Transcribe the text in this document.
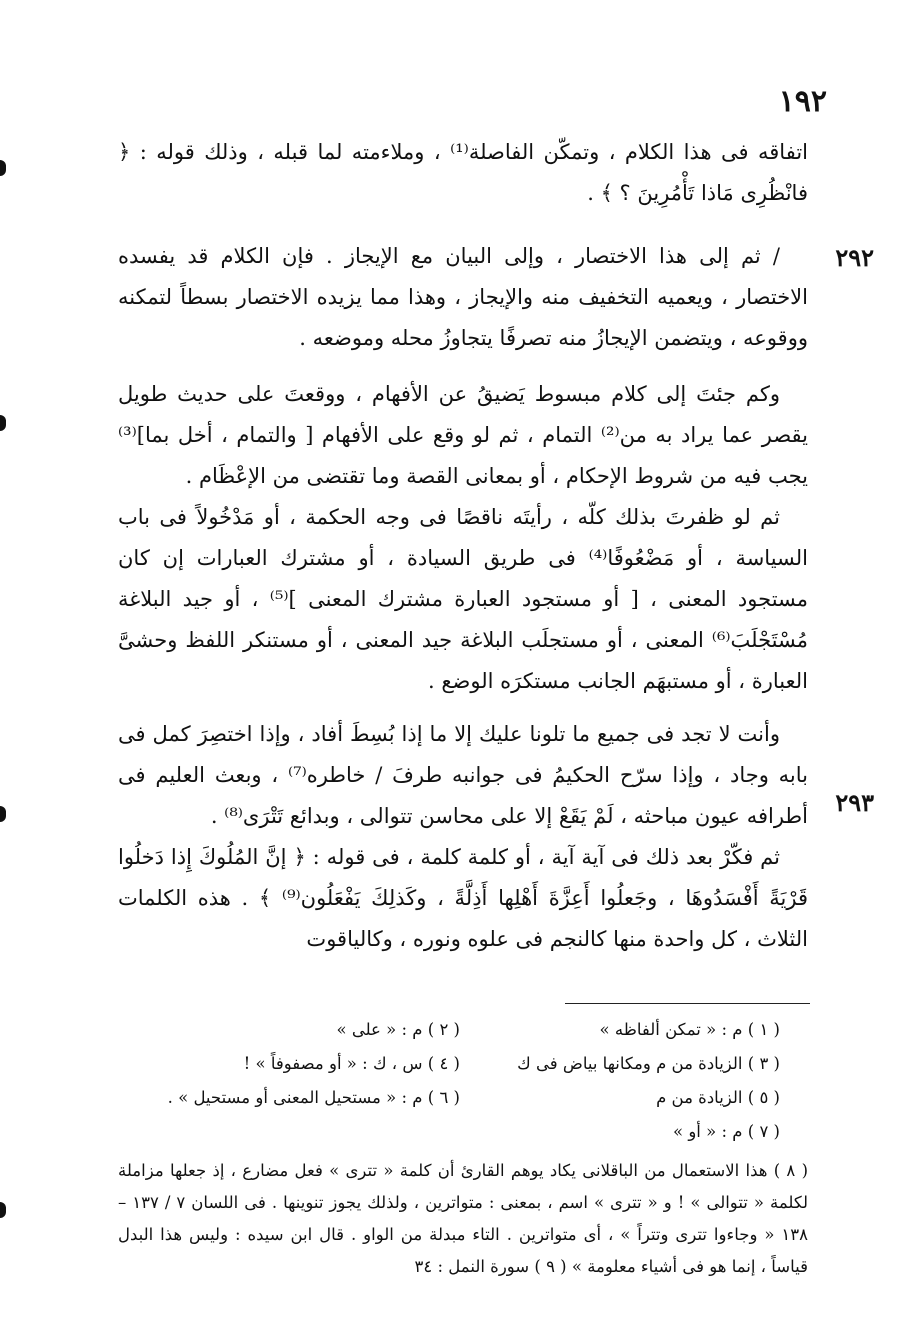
١٩٢
٢٩٢
٢٩٣

اتفاقه فى هذا الكلام ، وتمكّن الفاصلة⁽¹⁾ ، وملاءمته لما قبله ، وذلك قوله : ﴿ فانْظُرِى مَاذا تَأْمُرِينَ ؟ ﴾ .

/ ثم إلى هذا الاختصار ، وإلى البيان مع الإيجاز . فإن الكلام قد يفسده الاختصار ، ويعميه التخفيف منه والإيجاز ، وهذا مما يزيده الاختصار بسطاً لتمكنه ووقوعه ، ويتضمن الإيجازُ منه تصرفًا يتجاوزُ محله وموضعه .

وكم جئتَ إلى كلام مبسوط يَضيقُ عن الأفهام ، ووقعتَ على حديث طويل يقصر عما يراد به من⁽²⁾ التمام ، ثم لو وقع على الأفهام [ والتمام ، أخل بما]⁽³⁾ يجب فيه من شروط الإحكام ، أو بمعانى القصة وما تقتضى من الإعْظَام .

ثم لو ظفرتَ بذلك كلّه ، رأيتَه ناقصًا فى وجه الحكمة ، أو مَدْخُولاً فى باب السياسة ، أو مَضْعُوفًا⁽⁴⁾ فى طريق السيادة ، أو مشترك العبارات إن كان مستجود المعنى ، [ أو مستجود العبارة مشترك المعنى ]⁽⁵⁾ ، أو جيد البلاغة مُسْتَجْلَبَ⁽⁶⁾ المعنى ، أو مستجلَب البلاغة جيد المعنى ، أو مستنكر اللفظ وحشىَّ العبارة ، أو مستبهَم الجانب مستكرَه الوضع .

وأنت لا تجد فى جميع ما تلونا عليك إلا ما إذا بُسِطَ أفاد ، وإذا اختصِرَ كمل فى بابه وجاد ، وإذا سرّح الحكيمُ فى جوانبه طرفَ / خاطره⁽⁷⁾ ، وبعث العليم فى أطرافه عيون مباحثه ، لَمْ يَقَعْ إلا على محاسن تتوالى ، وبدائع تَتْرَى⁽⁸⁾ .

ثم فكّرْ بعد ذلك فى آية آية ، أو كلمة كلمة ، فى قوله : ﴿ إنَّ المُلُوكَ إِذا دَخلُوا قَرْيَةً أَفْسَدُوهَا ، وجَعلُوا أَعِزَّةَ أَهْلِها أَذِلَّةً ، وكَذلِكَ يَفْعَلُون⁽⁹⁾ ﴾ . هذه الكلمات الثلاث ، كل واحدة منها كالنجم فى علوه ونوره ، وكالياقوت

( ١ ) م : « تمكن ألفاظه »
( ٢ ) م : « على »
( ٣ ) الزيادة من م ومكانها بياض فى ك
( ٤ ) س ، ك : « أو مصفوفاً » !
( ٥ ) الزيادة من م
( ٦ ) م : « مستحيل المعنى أو مستحيل » .
( ٧ ) م : « أو »

( ٨ ) هذا الاستعمال من الباقلانى يكاد يوهم القارئ أن كلمة « تترى » فعل مضارع ، إذ جعلها مزاملة لكلمة « تتوالى » ! و « تترى » اسم ، بمعنى : متواترين ، ولذلك يجوز تنوينها . فى اللسان ٧ / ١٣٧ – ١٣٨ « وجاءوا تترى وتتراً » ، أى متواترين . التاء مبدلة من الواو . قال ابن سيده : وليس هذا البدل قياساً ، إنما هو فى أشياء معلومة » ( ٩ ) سورة النمل : ٣٤
